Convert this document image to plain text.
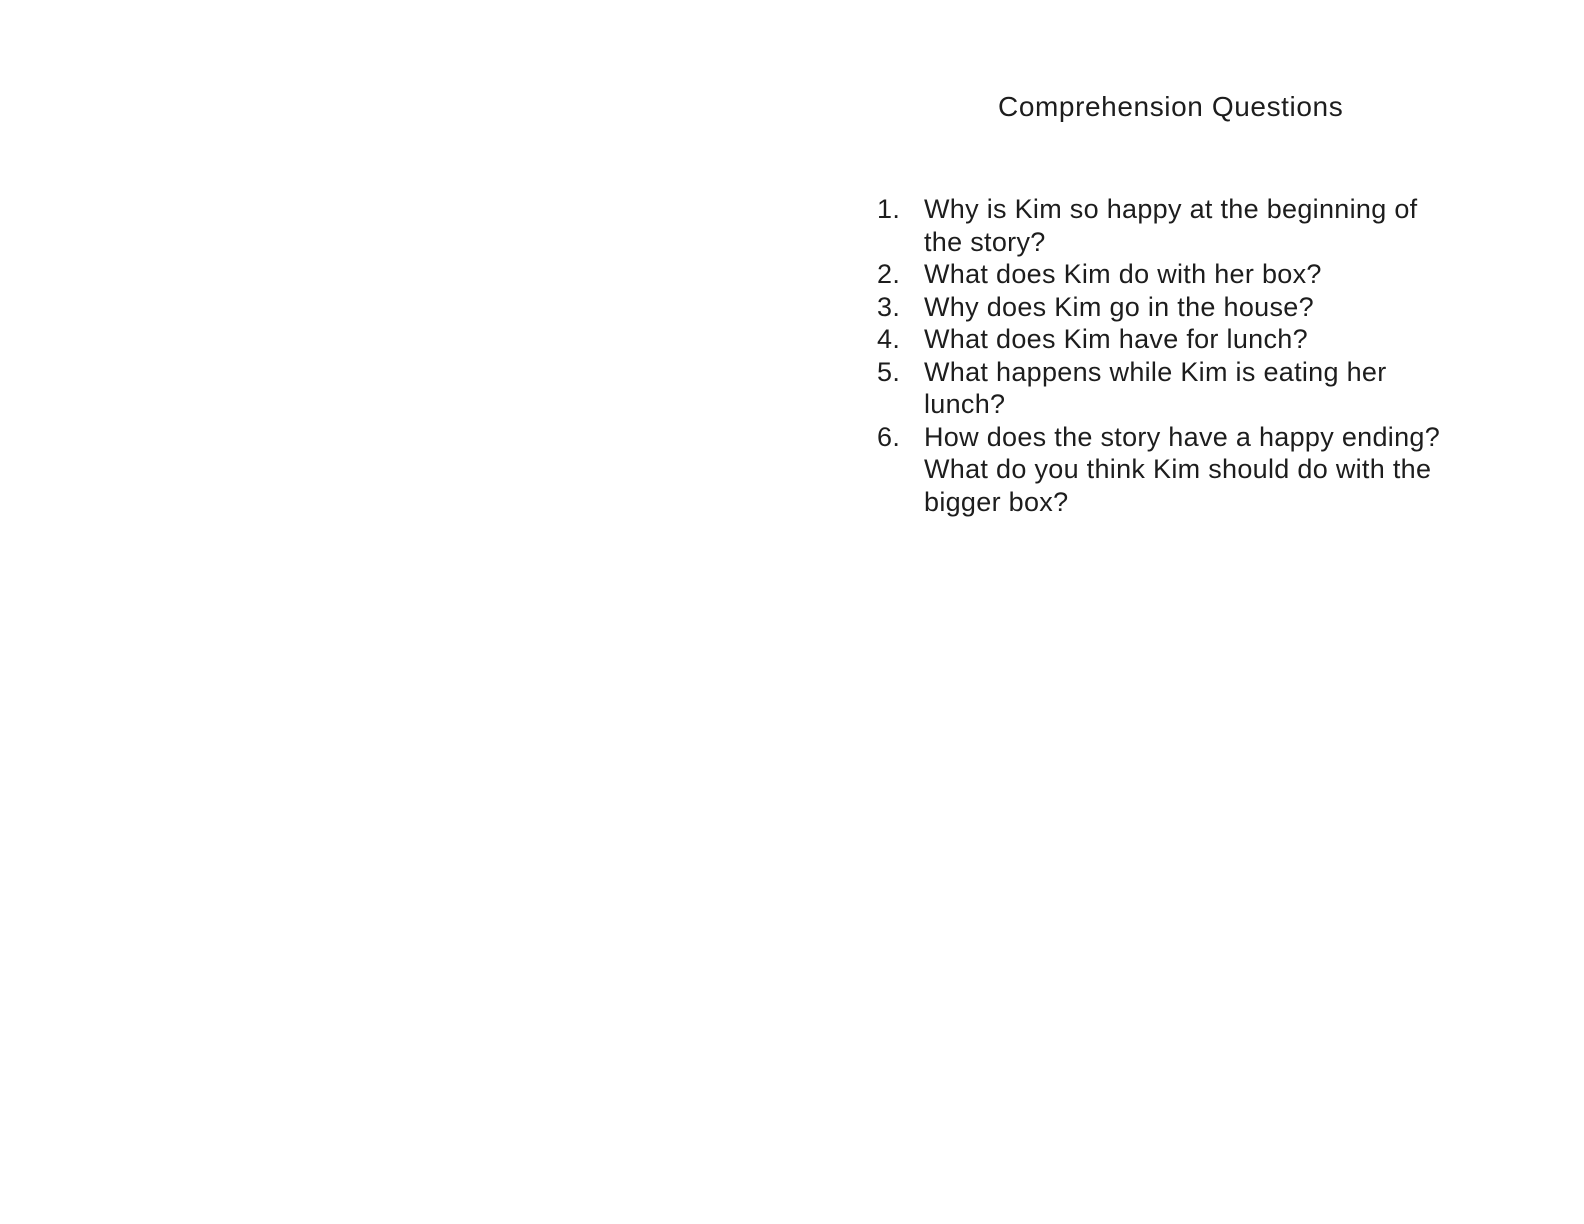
Comprehension Questions
1. Why is Kim so happy at the beginning of
the story?
2. What does Kim do with her box?
3. Why does Kim go in the house?
4. What does Kim have for lunch?
5. What happens while Kim is eating her
lunch?
6. How does the story have a happy ending?
What do you think Kim should do with the
bigger box?
